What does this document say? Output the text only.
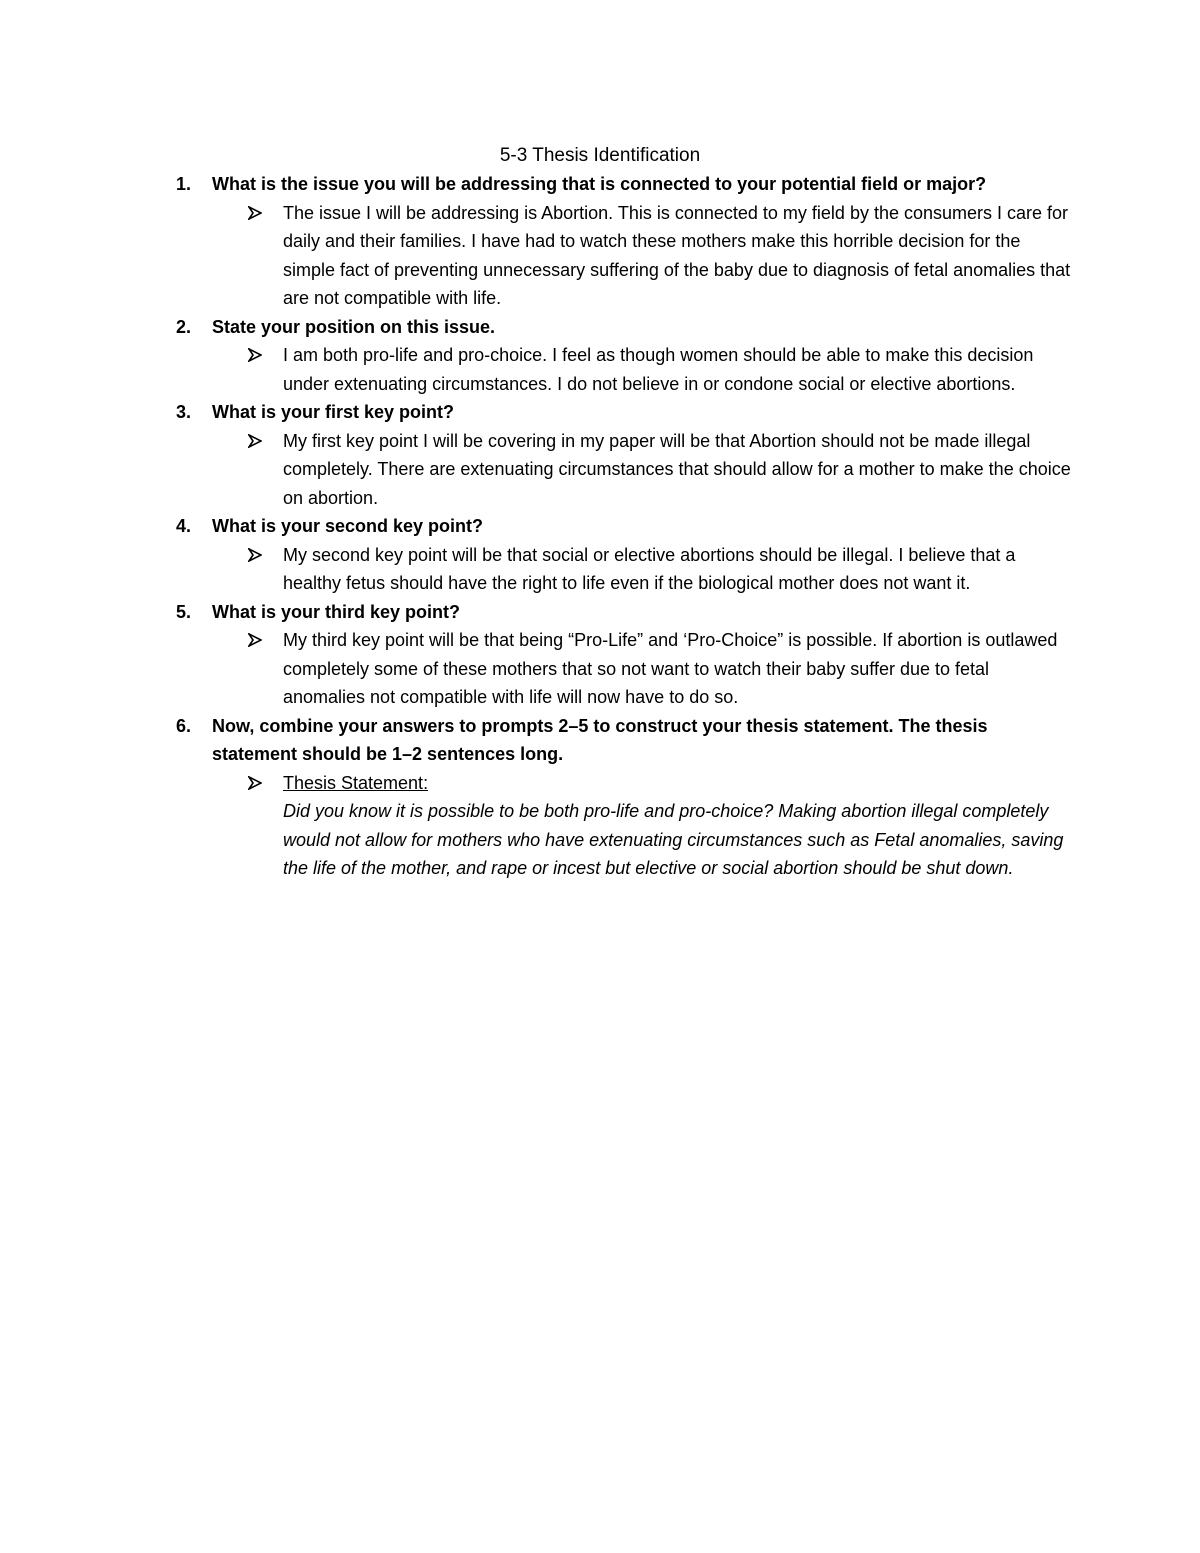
5-3 Thesis Identification
1. What is the issue you will be addressing that is connected to your potential field or major?
The issue I will be addressing is Abortion. This is connected to my field by the consumers I care for daily and their families. I have had to watch these mothers make this horrible decision for the simple fact of preventing unnecessary suffering of the baby due to diagnosis of fetal anomalies that are not compatible with life.
2. State your position on this issue.
I am both pro-life and pro-choice. I feel as though women should be able to make this decision under extenuating circumstances. I do not believe in or condone social or elective abortions.
3. What is your first key point?
My first key point I will be covering in my paper will be that Abortion should not be made illegal completely. There are extenuating circumstances that should allow for a mother to make the choice on abortion.
4. What is your second key point?
My second key point will be that social or elective abortions should be illegal. I believe that a healthy fetus should have the right to life even if the biological mother does not want it.
5. What is your third key point?
My third key point will be that being “Pro-Life” and ‘Pro-Choice” is possible. If abortion is outlawed completely some of these mothers that so not want to watch their baby suffer due to fetal anomalies not compatible with life will now have to do so.
6. Now, combine your answers to prompts 2–5 to construct your thesis statement. The thesis statement should be 1–2 sentences long.
Thesis Statement:
Did you know it is possible to be both pro-life and pro-choice? Making abortion illegal completely would not allow for mothers who have extenuating circumstances such as Fetal anomalies, saving the life of the mother, and rape or incest but elective or social abortion should be shut down.
